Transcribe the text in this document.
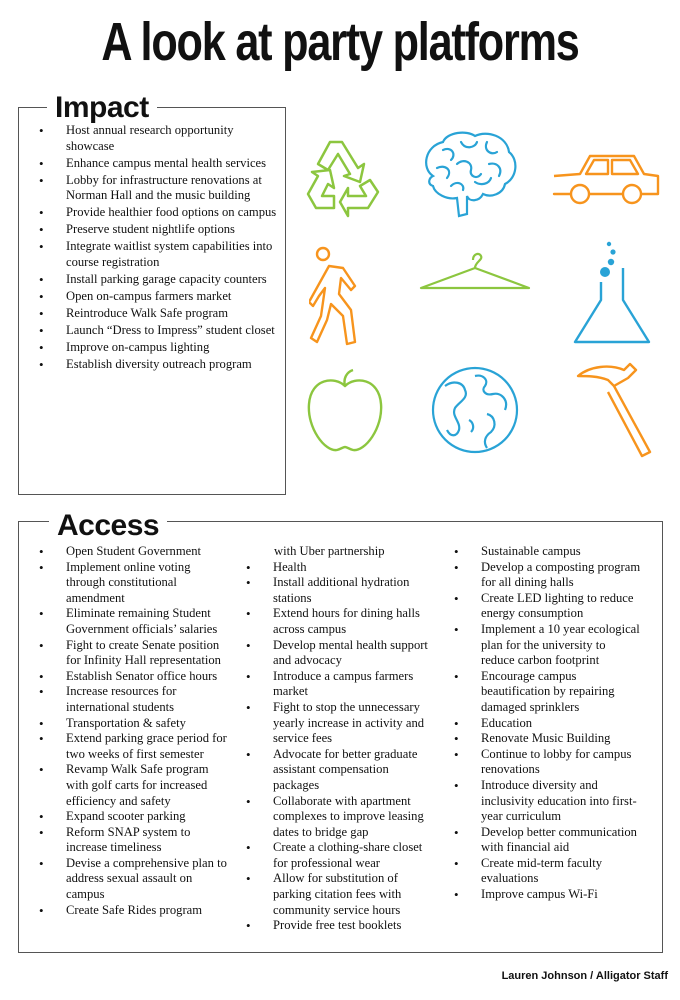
A look at party platforms
Impact
• Host annual research opportunity showcase
• Enhance campus mental health services
• Lobby for infrastructure renovations at Norman Hall and the music building
• Provide healthier food options on campus
• Preserve student nightlife options
• Integrate waitlist system capabilities into course registration
• Install parking garage capacity counters
• Open on-campus farmers market
• Reintroduce Walk Safe program
• Launch “Dress to Impress” student closet
• Improve on-campus lighting
• Establish diversity outreach program
Access
• Open Student Government
• Implement online voting through constitutional amendment
• Eliminate remaining Student Government officials’ salaries
• Fight to create Senate position for Infinity Hall representation
• Establish Senator office hours
• Increase resources for international students
• Transportation & safety
• Extend parking grace period for two weeks of first semester
• Revamp Walk Safe program with golf carts for increased efficiency and safety
• Expand scooter parking
• Reform SNAP system to increase timeliness
• Devise a comprehensive plan to address sexual assault on campus
• Create Safe Rides program
with Uber partnership
• Health
• Install additional hydration stations
• Extend hours for dining halls across campus
• Develop mental health support and advocacy
• Introduce a campus farmers market
• Fight to stop the unnecessary yearly increase in activity and service fees
• Advocate for better graduate assistant compensation packages
• Collaborate with apartment complexes to improve leasing dates to bridge gap
• Create a clothing-share closet for professional wear
• Allow for substitution of parking citation fees with community service hours
• Provide free test booklets
• Sustainable campus
• Develop a composting program for all dining halls
• Create LED lighting to reduce energy consumption
• Implement a 10 year ecological plan for the university to reduce carbon footprint
• Encourage campus beautification by repairing damaged sprinklers
• Education
• Renovate Music Building
• Continue to lobby for campus renovations
• Introduce diversity and inclusivity education into first-year curriculum
• Develop better communication with financial aid
• Create mid-term faculty evaluations
• Improve campus Wi-Fi
Lauren Johnson / Alligator Staff
